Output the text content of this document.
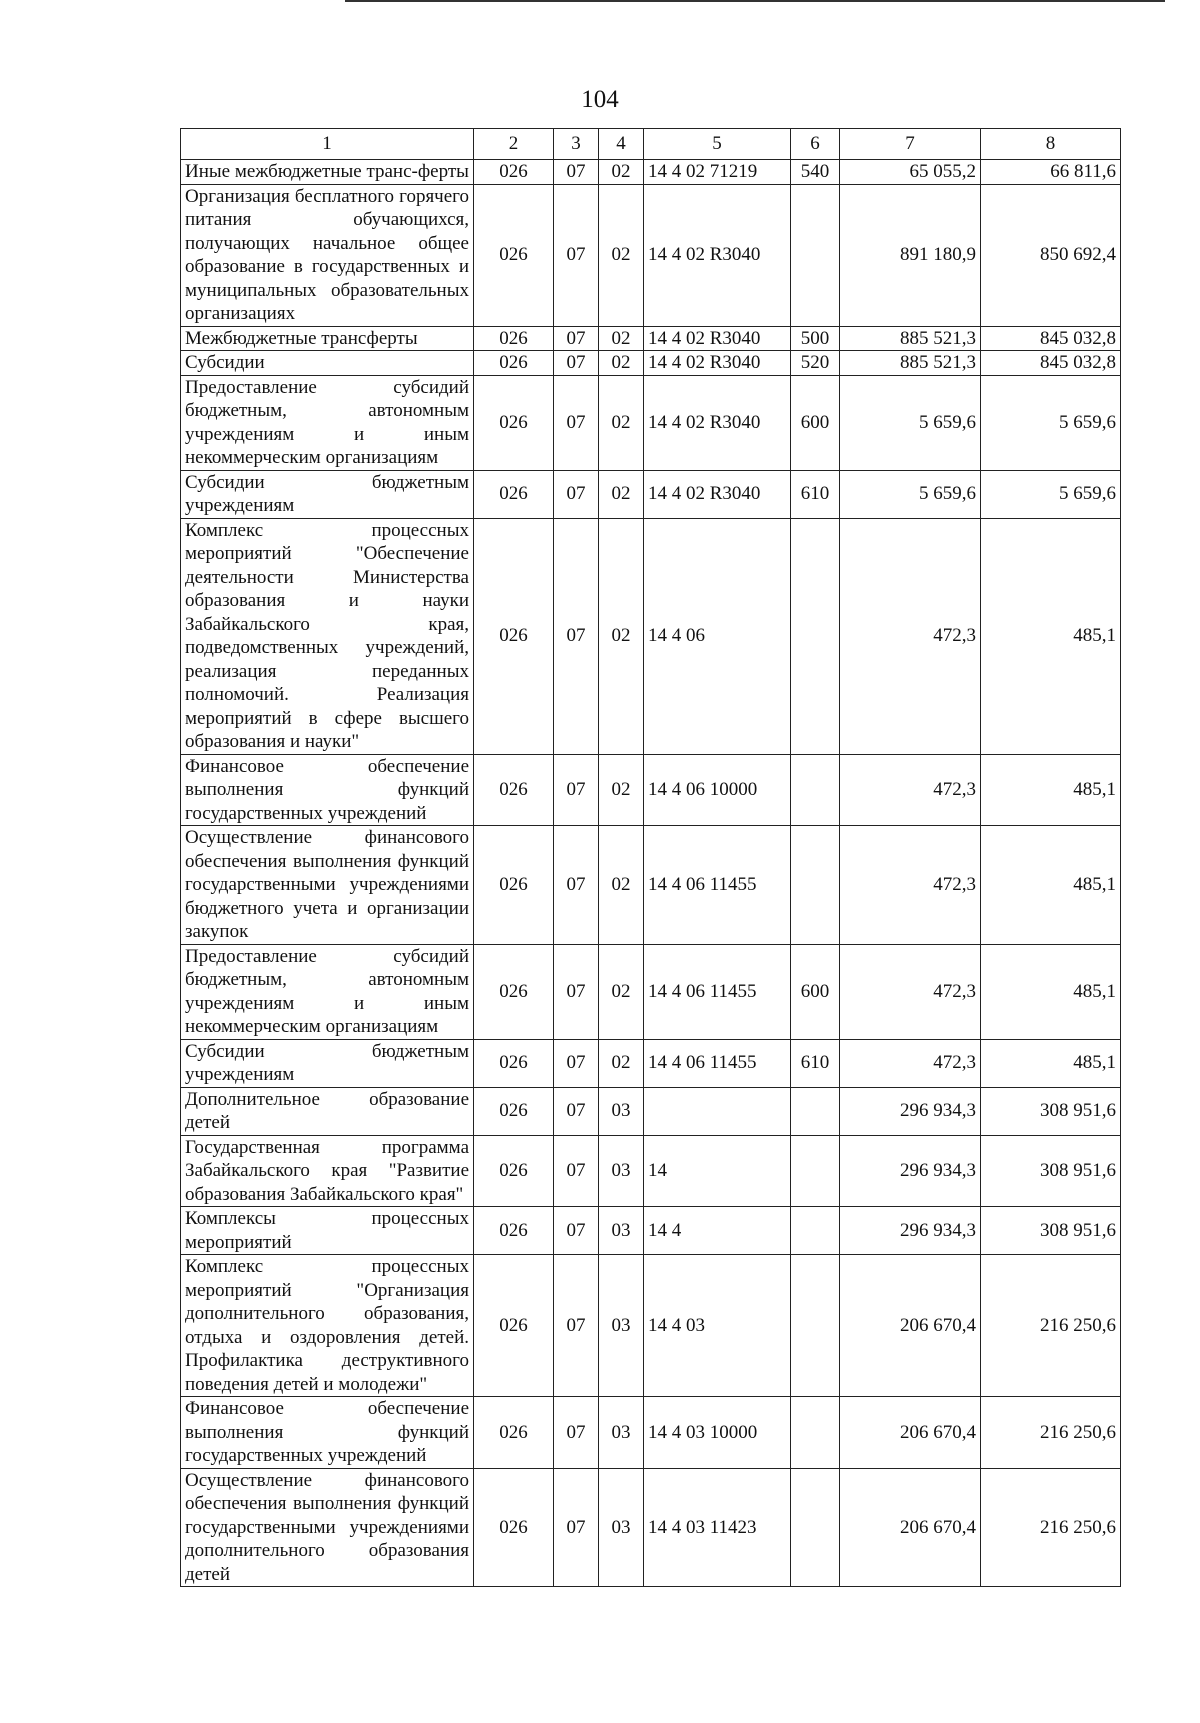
104
1	2	3	4	5	6	7	8
Иные межбюджетные транс-ферты	026	07	02	14 4 02 71219	540	65 055,2	66 811,6
Организация бесплатного горячего питания обучающихся, получающих начальное общее образование в государственных и муниципальных образовательных организациях	026	07	02	14 4 02 R3040		891 180,9	850 692,4
Межбюджетные трансферты	026	07	02	14 4 02 R3040	500	885 521,3	845 032,8
Субсидии	026	07	02	14 4 02 R3040	520	885 521,3	845 032,8
Предоставление субсидий бюджетным, автономным учреждениям и иным некоммерческим организациям	026	07	02	14 4 02 R3040	600	5 659,6	5 659,6
Субсидии бюджетным учреждениям	026	07	02	14 4 02 R3040	610	5 659,6	5 659,6
Комплекс процессных мероприятий "Обеспечение деятельности Министерства образования и науки Забайкальского края, подведомственных учреждений, реализация переданных полномочий. Реализация мероприятий в сфере высшего образования и науки"	026	07	02	14 4 06		472,3	485,1
Финансовое обеспечение выполнения функций государственных учреждений	026	07	02	14 4 06 10000		472,3	485,1
Осуществление финансового обеспечения выполнения функций государственными учреждениями бюджетного учета и организации закупок	026	07	02	14 4 06 11455		472,3	485,1
Предоставление субсидий бюджетным, автономным учреждениям и иным некоммерческим организациям	026	07	02	14 4 06 11455	600	472,3	485,1
Субсидии бюджетным учреждениям	026	07	02	14 4 06 11455	610	472,3	485,1
Дополнительное образование детей	026	07	03			296 934,3	308 951,6
Государственная программа Забайкальского края "Развитие образования Забайкальского края"	026	07	03	14		296 934,3	308 951,6
Комплексы процессных мероприятий	026	07	03	14 4		296 934,3	308 951,6
Комплекс процессных мероприятий "Организация дополнительного образования, отдыха и оздоровления детей. Профилактика деструктивного поведения детей и молодежи"	026	07	03	14 4 03		206 670,4	216 250,6
Финансовое обеспечение выполнения функций государственных учреждений	026	07	03	14 4 03 10000		206 670,4	216 250,6
Осуществление финансового обеспечения выполнения функций государственными учреждениями дополнительного образования детей	026	07	03	14 4 03 11423		206 670,4	216 250,6
